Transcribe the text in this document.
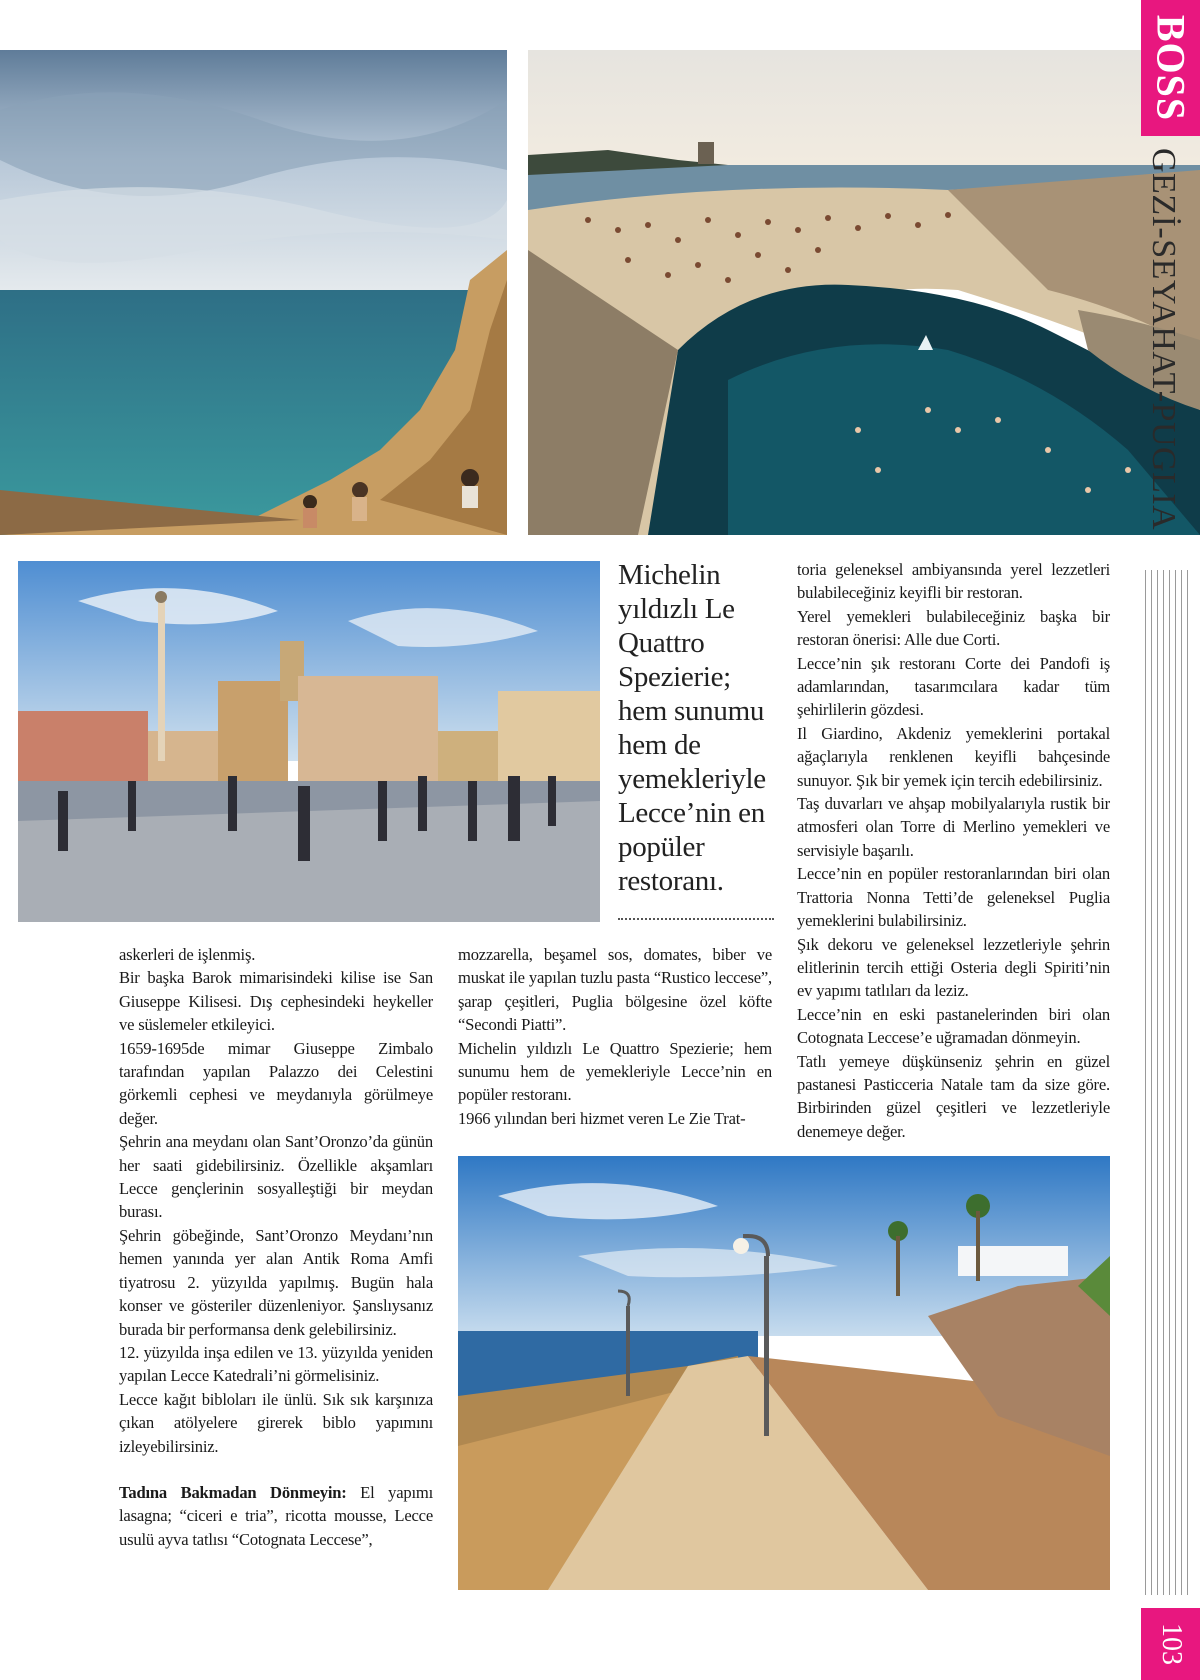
BOSS
GEZİ-SEYAHAT-PUGLIA
103
Michelin yıldızlı Le Quattro Spezierie; hem sunumu hem de yemekleriyle Lecce’nin en popüler restoranı.

askerleri de işlenmiş.

Bir başka Barok mimarisindeki kilise ise San Giuseppe Kilisesi. Dış cephesindeki heykeller ve süslemeler etkileyici.

1659-1695de mimar Giuseppe Zimbalo tarafından yapılan Palazzo dei Celestini görkemli cephesi ve meydanıyla görülmeye değer.

Şehrin ana meydanı olan Sant’Oronzo’da günün her saati gidebilirsiniz. Özellikle akşamları Lecce gençlerinin sosyalleştiği bir meydan burası.

Şehrin göbeğinde, Sant’Oronzo Meydanı’nın hemen yanında yer alan Antik Roma Amfi tiyatrosu 2. yüzyılda yapılmış. Bugün hala konser ve gösteriler düzenleniyor. Şanslıysanız burada bir performansa denk gelebilirsiniz.

12. yüzyılda inşa edilen ve 13. yüzyılda yeniden yapılan Lecce Katedrali’ni görmelisiniz.

Lecce kağıt bibloları ile ünlü. Sık sık karşınıza çıkan atölyelere girerek biblo yapımını izleyebilirsiniz.

Tadına Bakmadan Dönmeyin: El yapımı lasagna; “ciceri e tria”, ricotta mousse, Lecce usulü ayva tatlısı “Cotognata Leccese”,

mozzarella, beşamel sos, domates, biber ve muskat ile yapılan tuzlu pasta “Rustico leccese”, şarap çeşitleri, Puglia bölgesine özel köfte “Secondi Piatti”.

Michelin yıldızlı Le Quattro Spezierie; hem sunumu hem de yemekleriyle Lecce’nin en popüler restoranı.

1966 yılından beri hizmet veren Le Zie Trat-

toria geleneksel ambiyansında yerel lezzetleri bulabileceğiniz keyifli bir restoran.

Yerel yemekleri bulabileceğiniz başka bir restoran önerisi: Alle due Corti.

Lecce’nin şık restoranı Corte dei Pandofi iş adamlarından, tasarımcılara kadar tüm şehirlilerin gözdesi.

Il Giardino, Akdeniz yemeklerini portakal ağaçlarıyla renklenen keyifli bahçesinde sunuyor. Şık bir yemek için tercih edebilirsiniz.

Taş duvarları ve ahşap mobilyalarıyla rustik bir atmosferi olan Torre di Merlino yemekleri ve servisiyle başarılı.

Lecce’nin en popüler restoranlarından biri olan Trattoria Nonna Tetti’de geleneksel Puglia yemeklerini bulabilirsiniz.

Şık dekoru ve geleneksel lezzetleriyle şehrin elitlerinin tercih ettiği Osteria degli Spiriti’nin ev yapımı tatlıları da leziz.

Lecce’nin en eski pastanelerinden biri olan Cotognata Leccese’e uğramadan dönmeyin.

Tatlı yemeye düşkünseniz şehrin en güzel pastanesi Pasticceria Natale tam da size göre. Birbirinden güzel çeşitleri ve lezzetleriyle denemeye değer.
